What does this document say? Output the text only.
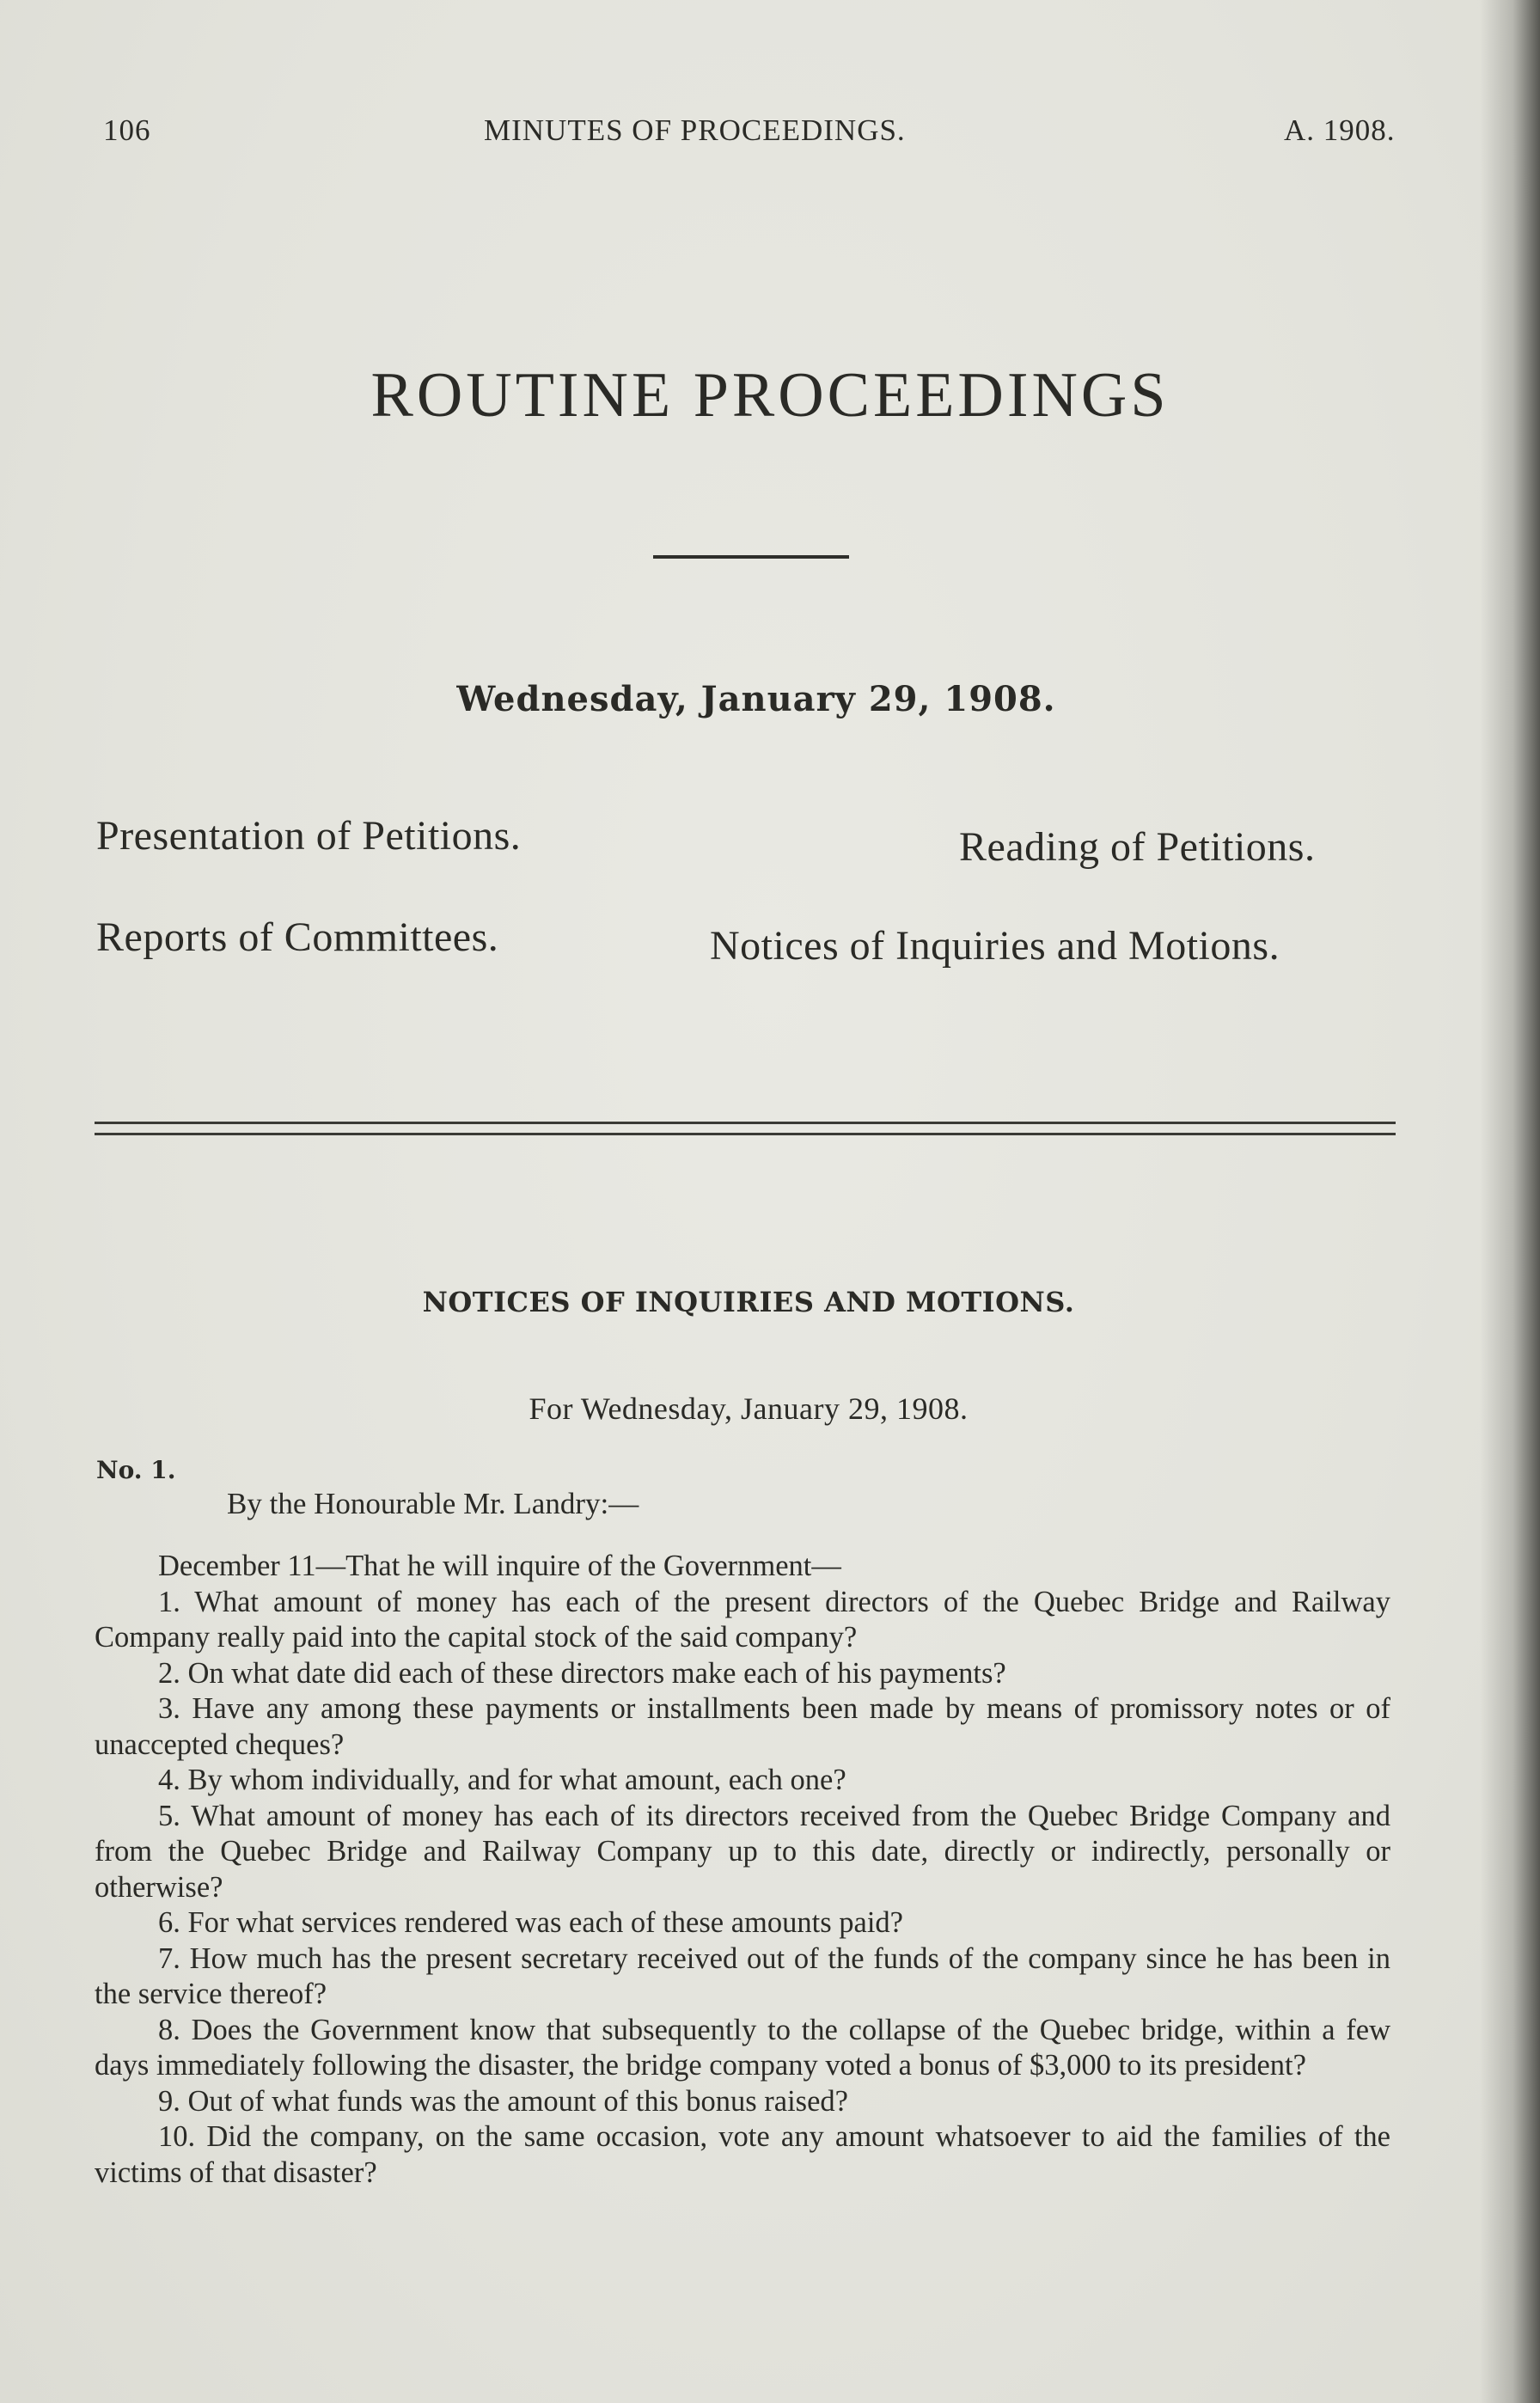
106	MINUTES OF PROCEEDINGS.	A. 1908.
ROUTINE PROCEEDINGS
Wednesday, January 29, 1908.
Presentation of Petitions.	Reading of Petitions.
Reports of Committees.	Notices of Inquiries and Motions.
NOTICES OF INQUIRIES AND MOTIONS.
For Wednesday, January 29, 1908.
No. 1.
By the Honourable Mr. Landry:—

December 11—That he will inquire of the Government—

1. What amount of money has each of the present directors of the Quebec Bridge and Railway Company really paid into the capital stock of the said company?

2. On what date did each of these directors make each of his payments?

3. Have any among these payments or installments been made by means of promissory notes or of unaccepted cheques?

4. By whom individually, and for what amount, each one?

5. What amount of money has each of its directors received from the Quebec Bridge Company and from the Quebec Bridge and Railway Company up to this date, directly or indirectly, personally or otherwise?

6. For what services rendered was each of these amounts paid?

7. How much has the present secretary received out of the funds of the company since he has been in the service thereof?

8. Does the Government know that subsequently to the collapse of the Quebec bridge, within a few days immediately following the disaster, the bridge company voted a bonus of $3,000 to its president?

9. Out of what funds was the amount of this bonus raised?

10. Did the company, on the same occasion, vote any amount whatsoever to aid the families of the victims of that disaster?
